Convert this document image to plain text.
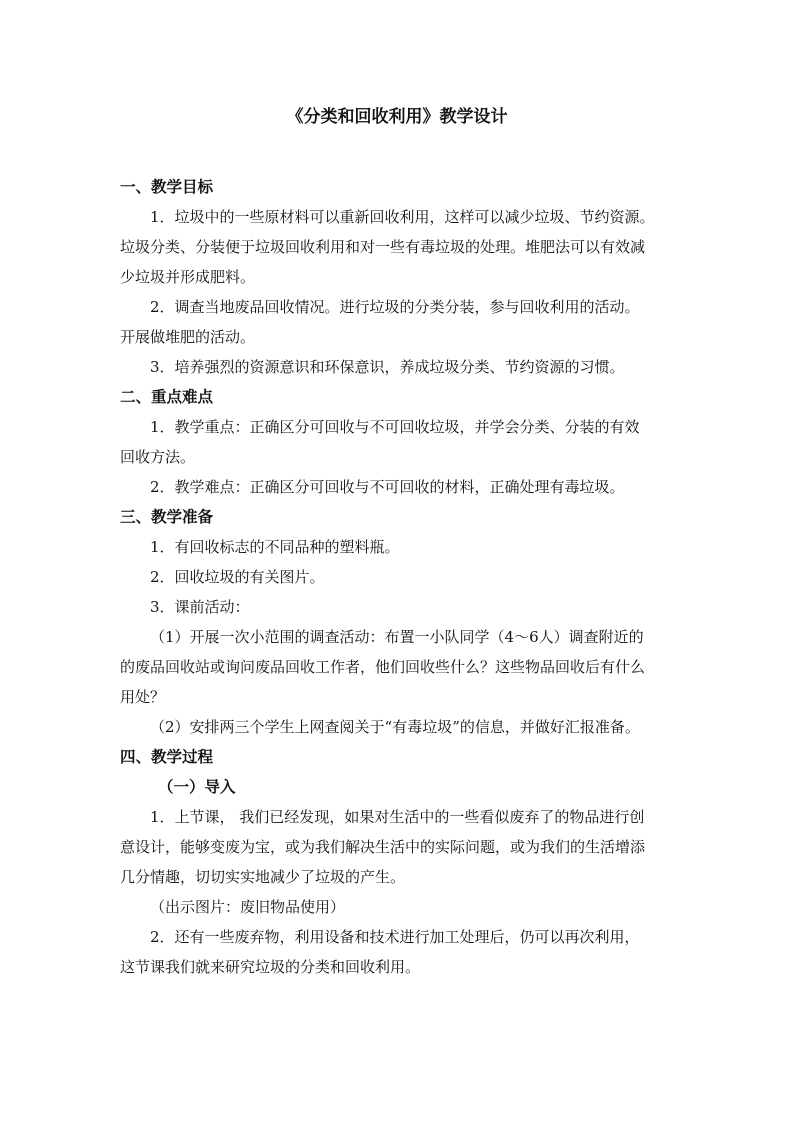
《分类和回收利用》教学设计
一、教学目标
1．垃圾中的一些原材料可以重新回收利用，这样可以减少垃圾、节约资源。
垃圾分类、分装便于垃圾回收利用和对一些有毒垃圾的处理。堆肥法可以有效减
少垃圾并形成肥料。
2．调查当地废品回收情况。进行垃圾的分类分装，参与回收利用的活动。
开展做堆肥的活动。
3．培养强烈的资源意识和环保意识，养成垃圾分类、节约资源的习惯。
二、重点难点
1．教学重点：正确区分可回收与不可回收垃圾，并学会分类、分装的有效
回收方法。
2．教学难点：正确区分可回收与不可回收的材料，正确处理有毒垃圾。
三、教学准备
1．有回收标志的不同品种的塑料瓶。
2．回收垃圾的有关图片。
3．课前活动：
（1）开展一次小范围的调查活动：布置一小队同学（4～6人）调查附近的
的废品回收站或询问废品回收工作者，他们回收些什么？这些物品回收后有什么
用处？
（2）安排两三个学生上网查阅关于“有毒垃圾”的信息，并做好汇报准备。
四、教学过程
（一）导入
1．上节课， 我们已经发现，如果对生活中的一些看似废弃了的物品进行创
意设计，能够变废为宝，或为我们解决生活中的实际问题，或为我们的生活增添
几分情趣，切切实实地减少了垃圾的产生。
（出示图片：废旧物品使用）
2．还有一些废弃物，利用设备和技术进行加工处理后，仍可以再次利用，
这节课我们就来研究垃圾的分类和回收利用。
